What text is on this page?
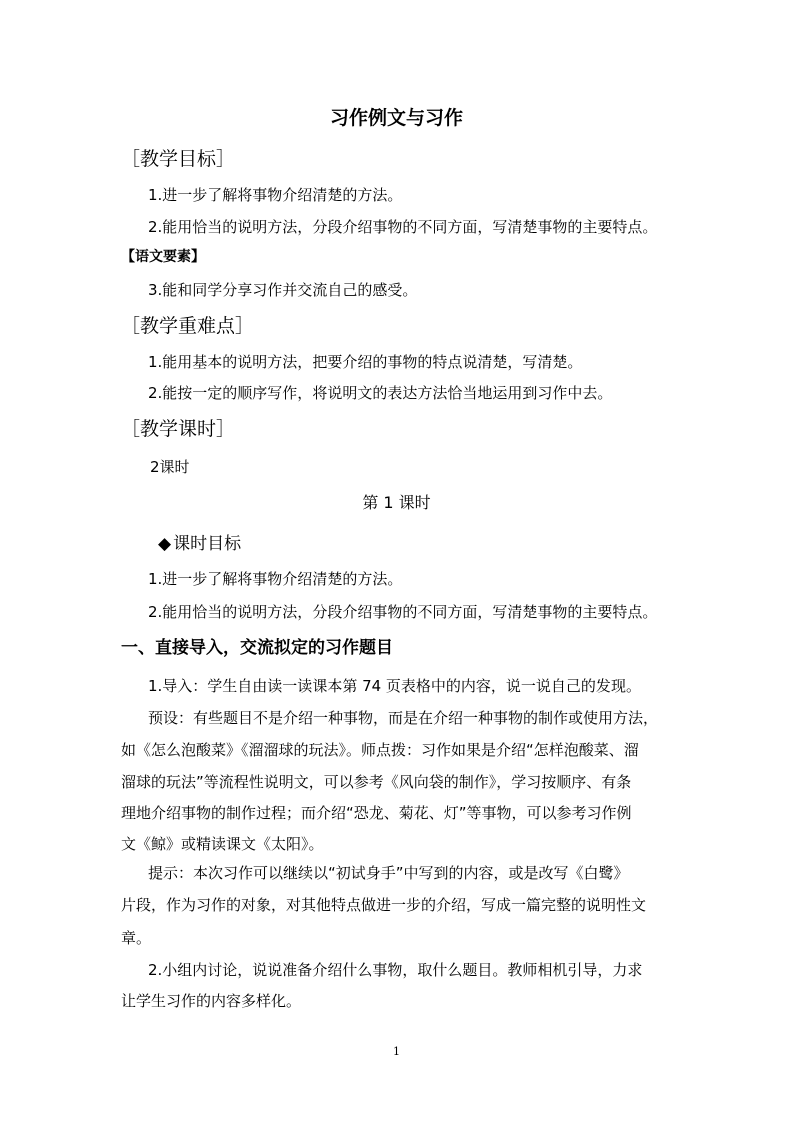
习作例文与习作
［教学目标］
1.进一步了解将事物介绍清楚的方法。
2.能用恰当的说明方法，分段介绍事物的不同方面，写清楚事物的主要特点。
【语文要素】
3.能和同学分享习作并交流自己的感受。
［教学重难点］
1.能用基本的说明方法，把要介绍的事物的特点说清楚，写清楚。
2.能按一定的顺序写作，将说明文的表达方法恰当地运用到习作中去。
［教学课时］
2课时
第 1 课时
◆ 课时目标
1.进一步了解将事物介绍清楚的方法。
2.能用恰当的说明方法，分段介绍事物的不同方面，写清楚事物的主要特点。
一、直接导入，交流拟定的习作题目
1.导入：学生自由读一读课本第 74 页表格中的内容，说一说自己的发现。
预设：有些题目不是介绍一种事物，而是在介绍一种事物的制作或使用方法，
如《怎么泡酸菜》《溜溜球的玩法》。师点拨：习作如果是介绍“怎样泡酸菜、溜
溜球的玩法”等流程性说明文，可以参考《风向袋的制作》，学习按顺序、有条
理地介绍事物的制作过程；而介绍“恐龙、菊花、灯”等事物，可以参考习作例
文《鲸》或精读课文《太阳》。
提示：本次习作可以继续以“初试身手”中写到的内容，或是改写《白鹭》
片段，作为习作的对象，对其他特点做进一步的介绍，写成一篇完整的说明性文
章。
2.小组内讨论，说说准备介绍什么事物，取什么题目。教师相机引导，力求
让学生习作的内容多样化。
1
